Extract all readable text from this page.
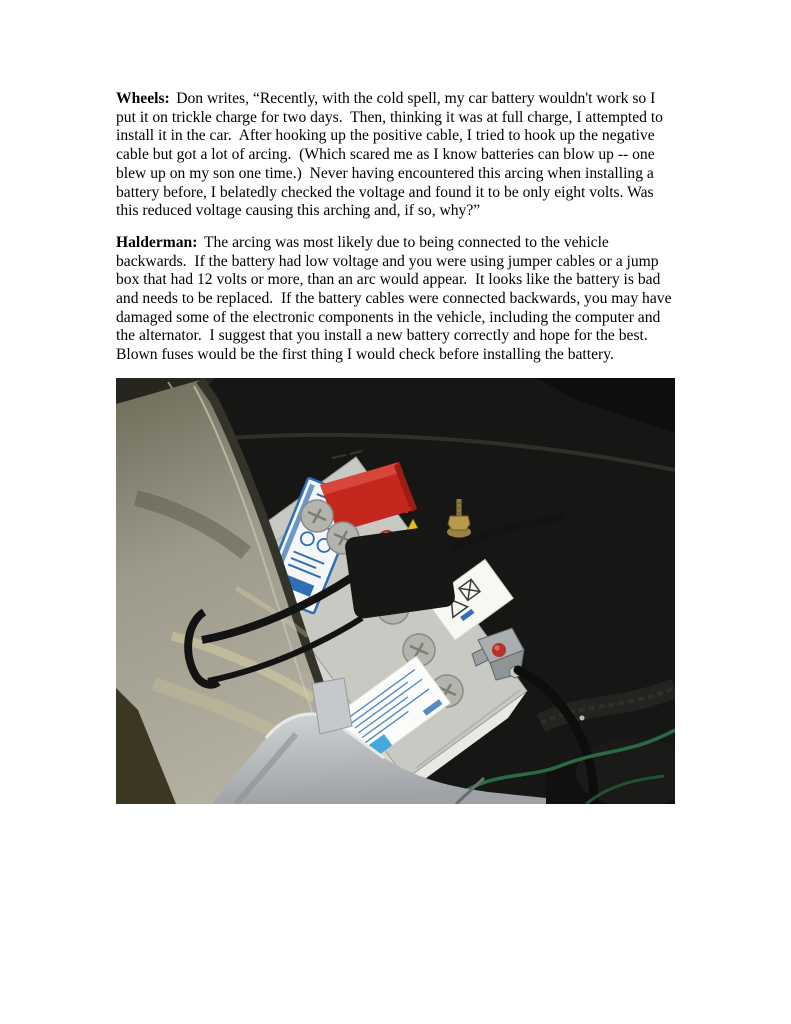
Wheels: Don writes, “Recently, with the cold spell, my car battery wouldn't work so I put it on trickle charge for two days.  Then, thinking it was at full charge, I attempted to install it in the car.  After hooking up the positive cable, I tried to hook up the negative cable but got a lot of arcing.  (Which scared me as I know batteries can blow up -- one blew up on my son one time.)  Never having encountered this arcing when installing a battery before, I belatedly checked the voltage and found it to be only eight volts. Was this reduced voltage causing this arching and, if so, why?”

Halderman: The arcing was most likely due to being connected to the vehicle backwards.  If the battery had low voltage and you were using jumper cables or a jump box that had 12 volts or more, than an arc would appear.  It looks like the battery is bad and needs to be replaced.  If the battery cables were connected backwards, you may have damaged some of the electronic components in the vehicle, including the computer and the alternator.  I suggest that you install a new battery correctly and hope for the best.  Blown fuses would be the first thing I would check before installing the battery.
